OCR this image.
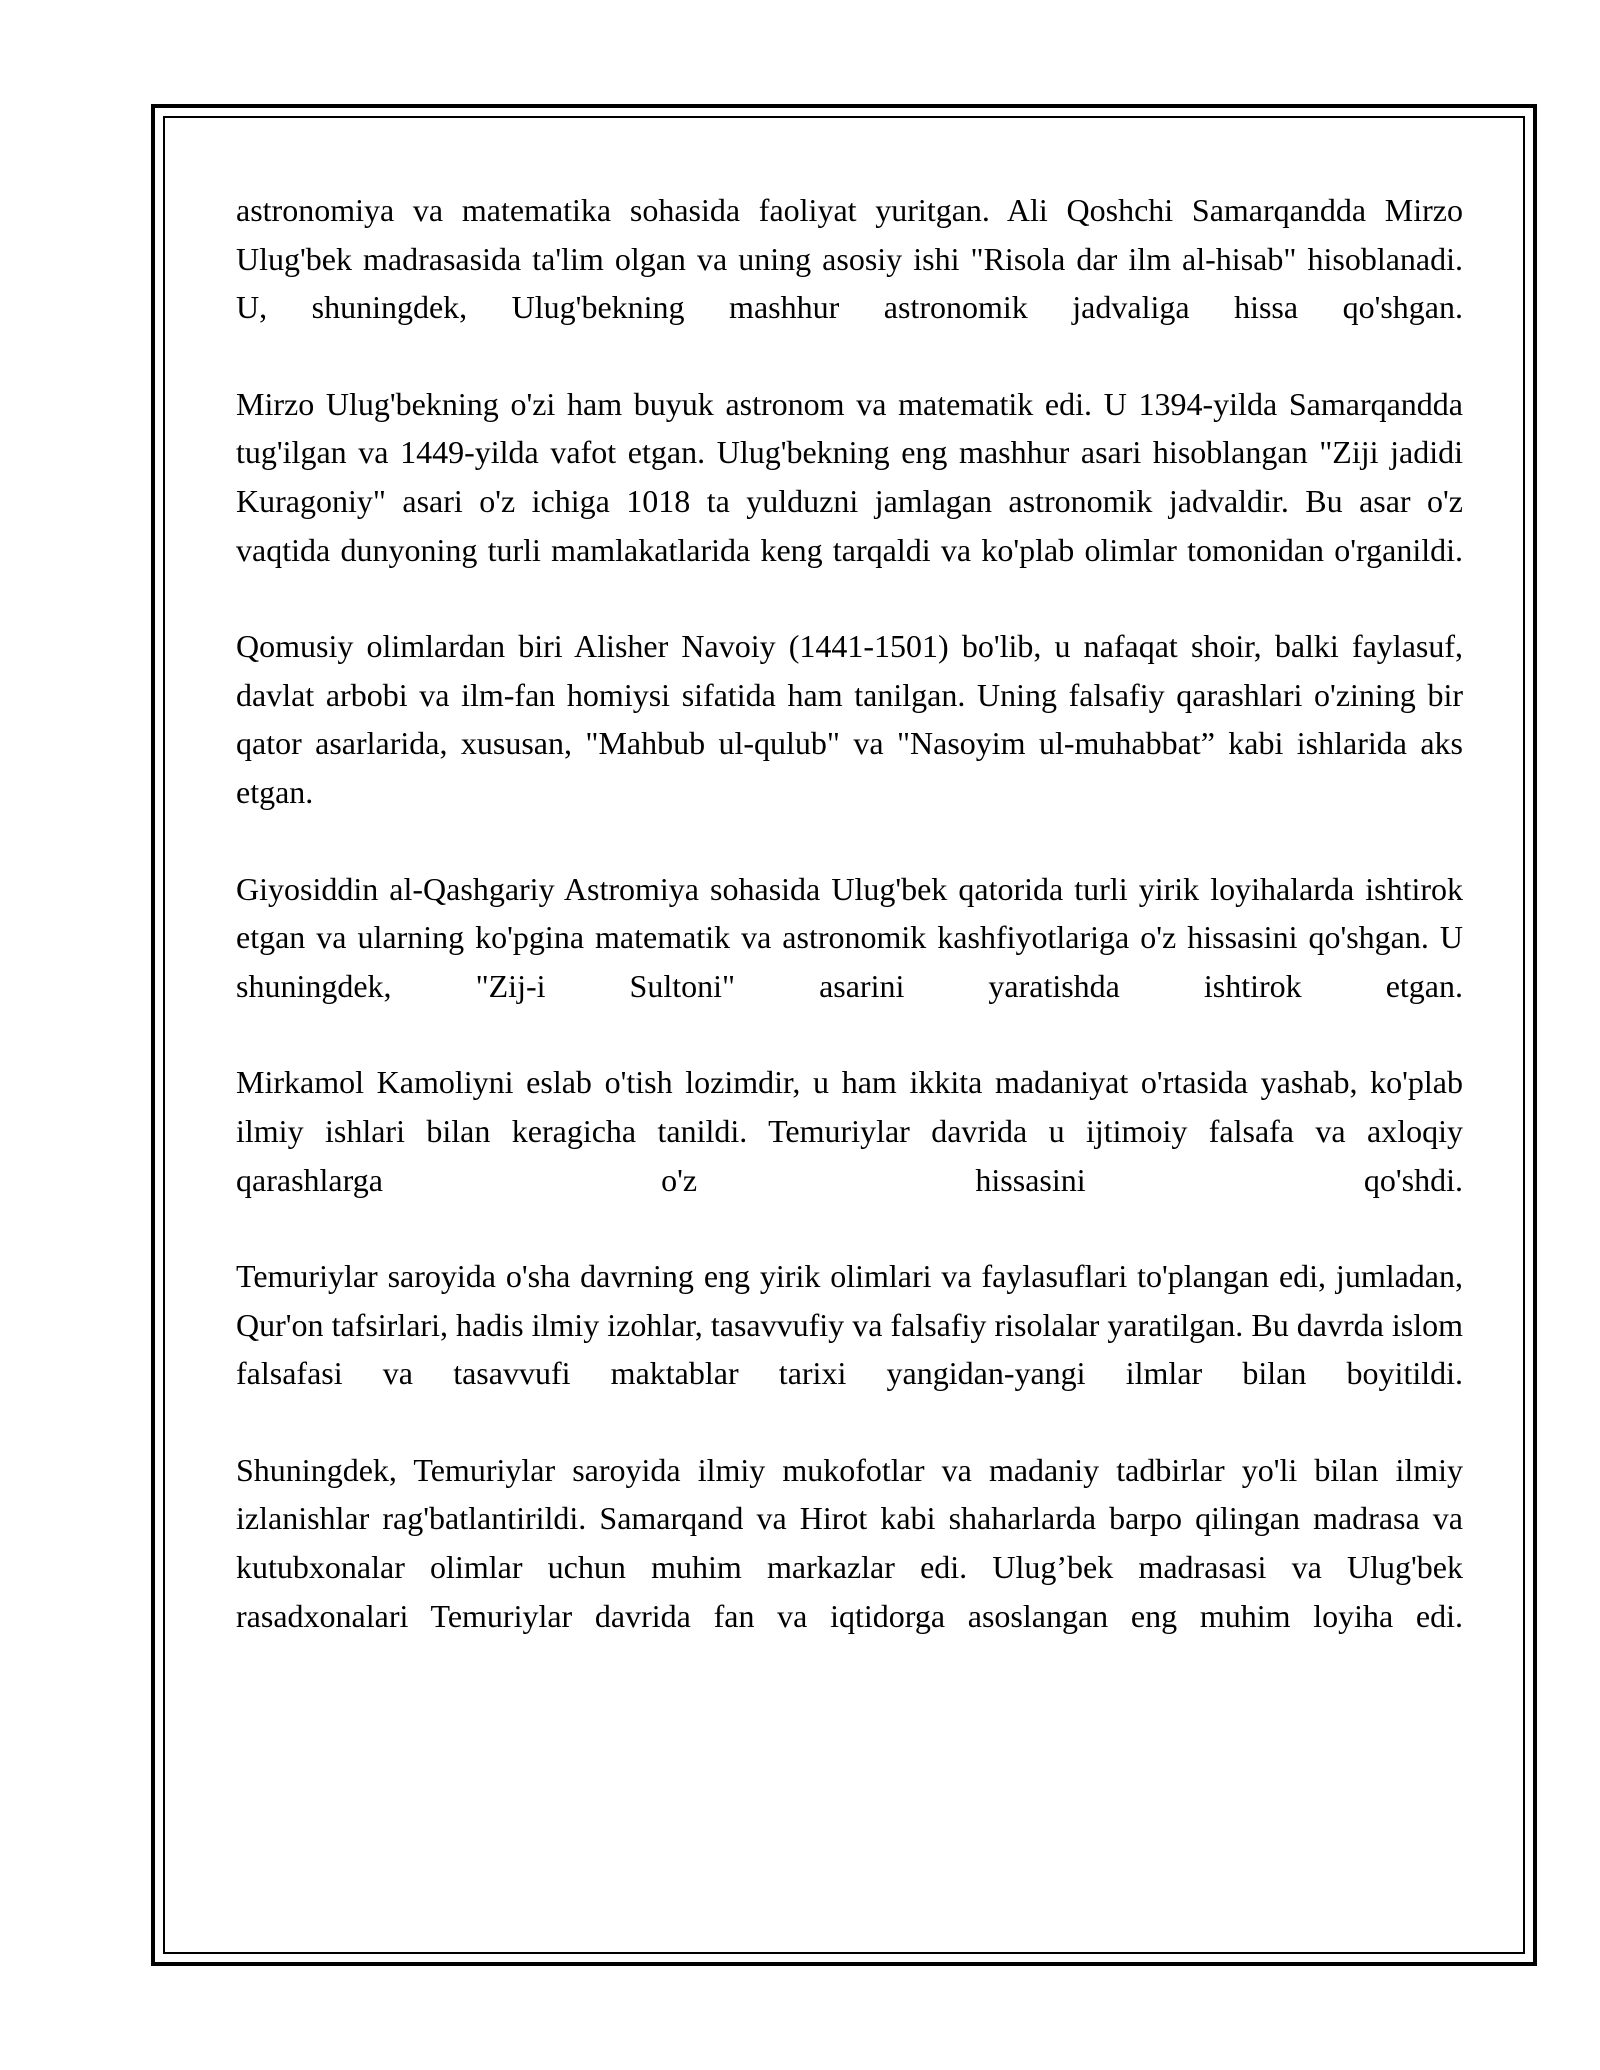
astronomiya va matematika sohasida faoliyat yuritgan. Ali Qoshchi Samarqandda Mirzo Ulug'bek madrasasida ta'lim olgan va uning asosiy ishi "Risola dar ilm al-hisab" hisoblanadi. U, shuningdek, Ulug'bekning mashhur astronomik jadvaliga hissa qo'shgan.

Mirzo Ulug'bekning o'zi ham buyuk astronom va matematik edi. U 1394-yilda Samarqandda tug'ilgan va 1449-yilda vafot etgan. Ulug'bekning eng mashhur asari hisoblangan "Ziji jadidi Kuragoniy" asari o'z ichiga 1018 ta yulduzni jamlagan astronomik jadvaldir. Bu asar o'z vaqtida dunyoning turli mamlakatlarida keng tarqaldi va ko'plab olimlar tomonidan o'rganildi.

Qomusiy olimlardan biri Alisher Navoiy (1441-1501) bo'lib, u nafaqat shoir, balki faylasuf, davlat arbobi va ilm-fan homiysi sifatida ham tanilgan. Uning falsafiy qarashlari o'zining bir qator asarlarida, xususan, "Mahbub ul-qulub" va "Nasoyim ul-muhabbat” kabi ishlarida aks etgan.

Giyosiddin al-Qashgariy Astromiya sohasida Ulug'bek qatorida turli yirik loyihalarda ishtirok etgan va ularning ko'pgina matematik va astronomik kashfiyotlariga o'z hissasini qo'shgan. U shuningdek, "Zij-i Sultoni" asarini yaratishda ishtirok etgan.

Mirkamol Kamoliyni eslab o'tish lozimdir, u ham ikkita madaniyat o'rtasida yashab, ko'plab ilmiy ishlari bilan keragicha tanildi. Temuriylar davrida u ijtimoiy falsafa va axloqiy qarashlarga o'z hissasini qo'shdi.

Temuriylar saroyida o'sha davrning eng yirik olimlari va faylasuflari to'plangan edi, jumladan, Qur'on tafsirlari, hadis ilmiy izohlar, tasavvufiy va falsafiy risolalar yaratilgan. Bu davrda islom falsafasi va tasavvufi maktablar tarixi yangidan-yangi ilmlar bilan boyitildi.

Shuningdek, Temuriylar saroyida ilmiy mukofotlar va madaniy tadbirlar yo'li bilan ilmiy izlanishlar rag'batlantirildi. Samarqand va Hirot kabi shaharlarda barpo qilingan madrasa va kutubxonalar olimlar uchun muhim markazlar edi. Ulug’bek madrasasi va Ulug'bek rasadxonalari Temuriylar davrida fan va iqtidorga asoslangan eng muhim loyiha edi.
